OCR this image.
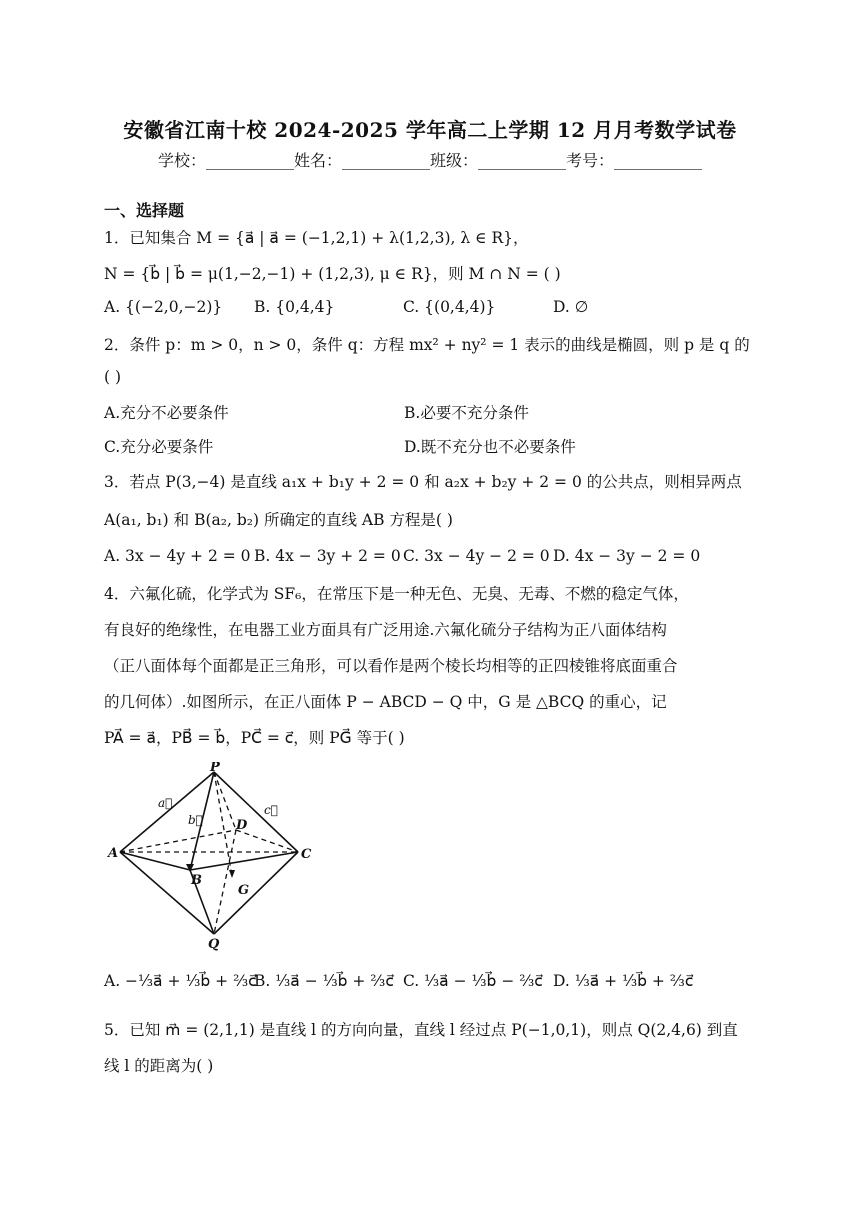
安徽省江南十校 2024-2025 学年高二上学期 12 月月考数学试卷
学校：___________姓名：___________班级：___________考号：___________
一、选择题
1．已知集合 M = {a⃗ | a⃗ = (−1,2,1) + λ(1,2,3), λ ∈ R}，
N = {b⃗ | b⃗ = μ(1,−2,−1) + (1,2,3), μ ∈ R}，则 M ∩ N = ( )
A. {(−2,0,−2)} B. {0,4,4}	C. {(0,4,4)}	D. ∅
2．条件 p：m > 0，n > 0，条件 q：方程 mx² + ny² = 1 表示的曲线是椭圆，则 p 是 q 的
( )
A.充分不必要条件	B.必要不充分条件
C.充分必要条件	D.既不充分也不必要条件
3．若点 P(3,−4) 是直线 a₁x + b₁y + 2 = 0 和 a₂x + b₂y + 2 = 0 的公共点，则相异两点
A(a₁, b₁) 和 B(a₂, b₂) 所确定的直线 AB 方程是( )
A. 3x − 4y + 2 = 0 B. 4x − 3y + 2 = 0 C. 3x − 4y − 2 = 0 D. 4x − 3y − 2 = 0
4．六氟化硫，化学式为 SF₆，在常压下是一种无色、无臭、无毒、不燃的稳定气体，
有良好的绝缘性，在电器工业方面具有广泛用途.六氟化硫分子结构为正八面体结构
（正八面体每个面都是正三角形，可以看作是两个棱长均相等的正四棱锥将底面重合
的几何体）.如图所示，在正八面体 P − ABCD − Q 中，G 是 △BCQ 的重心，记
PA⃗ = a⃗，PB⃗ = b⃗，PC⃗ = c⃗，则 PG⃗ 等于( )
P
A
B
C
D
Q
G
a⃗
b⃗
c⃗
A. −⅓a⃗ + ⅓b⃗ + ⅔c⃗
B. ⅓a⃗ − ⅓b⃗ + ⅔c⃗ C. ⅓a⃗ − ⅓b⃗ − ⅔c⃗ D. ⅓a⃗ + ⅓b⃗ + ⅔c⃗
5．已知 m⃗ = (2,1,1) 是直线 l 的方向向量，直线 l 经过点 P(−1,0,1)，则点 Q(2,4,6) 到直
线 l 的距离为( )
